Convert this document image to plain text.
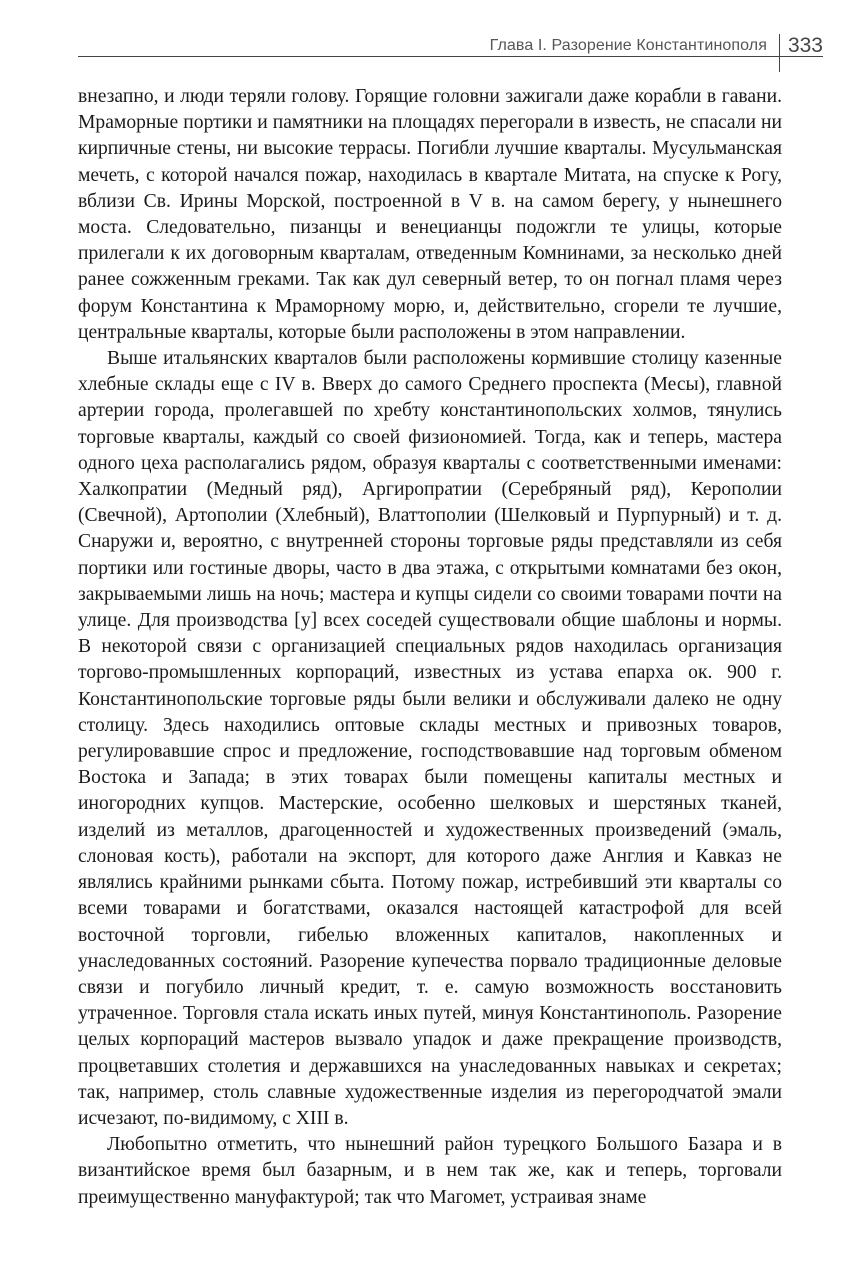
Глава I. Разорение Константинополя 333

внезапно, и люди теряли голову. Горящие головни зажигали даже корабли в гавани. Мраморные портики и памятники на площадях перегорали в известь, не спасали ни кирпичные стены, ни высокие террасы. Погибли лучшие кварталы. Мусульманская мечеть, с которой начался пожар, находилась в квартале Митата, на спуске к Рогу, вблизи Св. Ирины Морской, построенной в V в. на самом берегу, у нынешнего моста. Следовательно, пизанцы и венецианцы подожгли те улицы, которые прилегали к их договорным кварталам, отведенным Комнинами, за несколько дней ранее сожженным греками. Так как дул северный ветер, то он погнал пламя через форум Константина к Мраморному морю, и, действительно, сгорели те лучшие, центральные кварталы, которые были расположены в этом направлении.

Выше итальянских кварталов были расположены кормившие столицу казенные хлебные склады еще с IV в. Вверх до самого Среднего проспекта (Месы), главной артерии города, пролегавшей по хребту константинопольских холмов, тянулись торговые кварталы, каждый со своей физиономией. Тогда, как и теперь, мастера одного цеха располагались рядом, образуя кварталы с соответственными именами: Халкопратии (Медный ряд), Аргиропратии (Серебряный ряд), Керополии (Свечной), Артополии (Хлебный), Влаттополии (Шелковый и Пурпурный) и т. д. Снаружи и, вероятно, с внутренней стороны торговые ряды представляли из себя портики или гостиные дворы, часто в два этажа, с открытыми комнатами без окон, закрываемыми лишь на ночь; мастера и купцы сидели со своими товарами почти на улице. Для производства [у] всех соседей существовали общие шаблоны и нормы. В некоторой связи с организацией специальных рядов находилась организация торгово-промышленных корпораций, известных из устава епарха ок. 900 г. Константинопольские торговые ряды были велики и обслуживали далеко не одну столицу. Здесь находились оптовые склады местных и привозных товаров, регулировавшие спрос и предложение, господствовавшие над торговым обменом Востока и Запада; в этих товарах были помещены капиталы местных и иногородних купцов. Мастерские, особенно шелковых и шерстяных тканей, изделий из металлов, драгоценностей и художественных произведений (эмаль, слоновая кость), работали на экспорт, для которого даже Англия и Кавказ не являлись крайними рынками сбыта. Потому пожар, истребивший эти кварталы со всеми товарами и богатствами, оказался настоящей катастрофой для всей восточной торговли, гибелью вложенных капиталов, накопленных и унаследованных состояний. Разорение купечества порвало традиционные деловые связи и погубило личный кредит, т. е. самую возможность восстановить утраченное. Торговля стала искать иных путей, минуя Константинополь. Разорение целых корпораций мастеров вызвало упадок и даже прекращение производств, процветавших столетия и державшихся на унаследованных навыках и секретах; так, например, столь славные художественные изделия из перегородчатой эмали исчезают, по-видимому, с XIII в.

Любопытно отметить, что нынешний район турецкого Большого Базара и в византийское время был базарным, и в нем так же, как и теперь, торговали преимущественно мануфактурой; так что Магомет, устраивая знаме
